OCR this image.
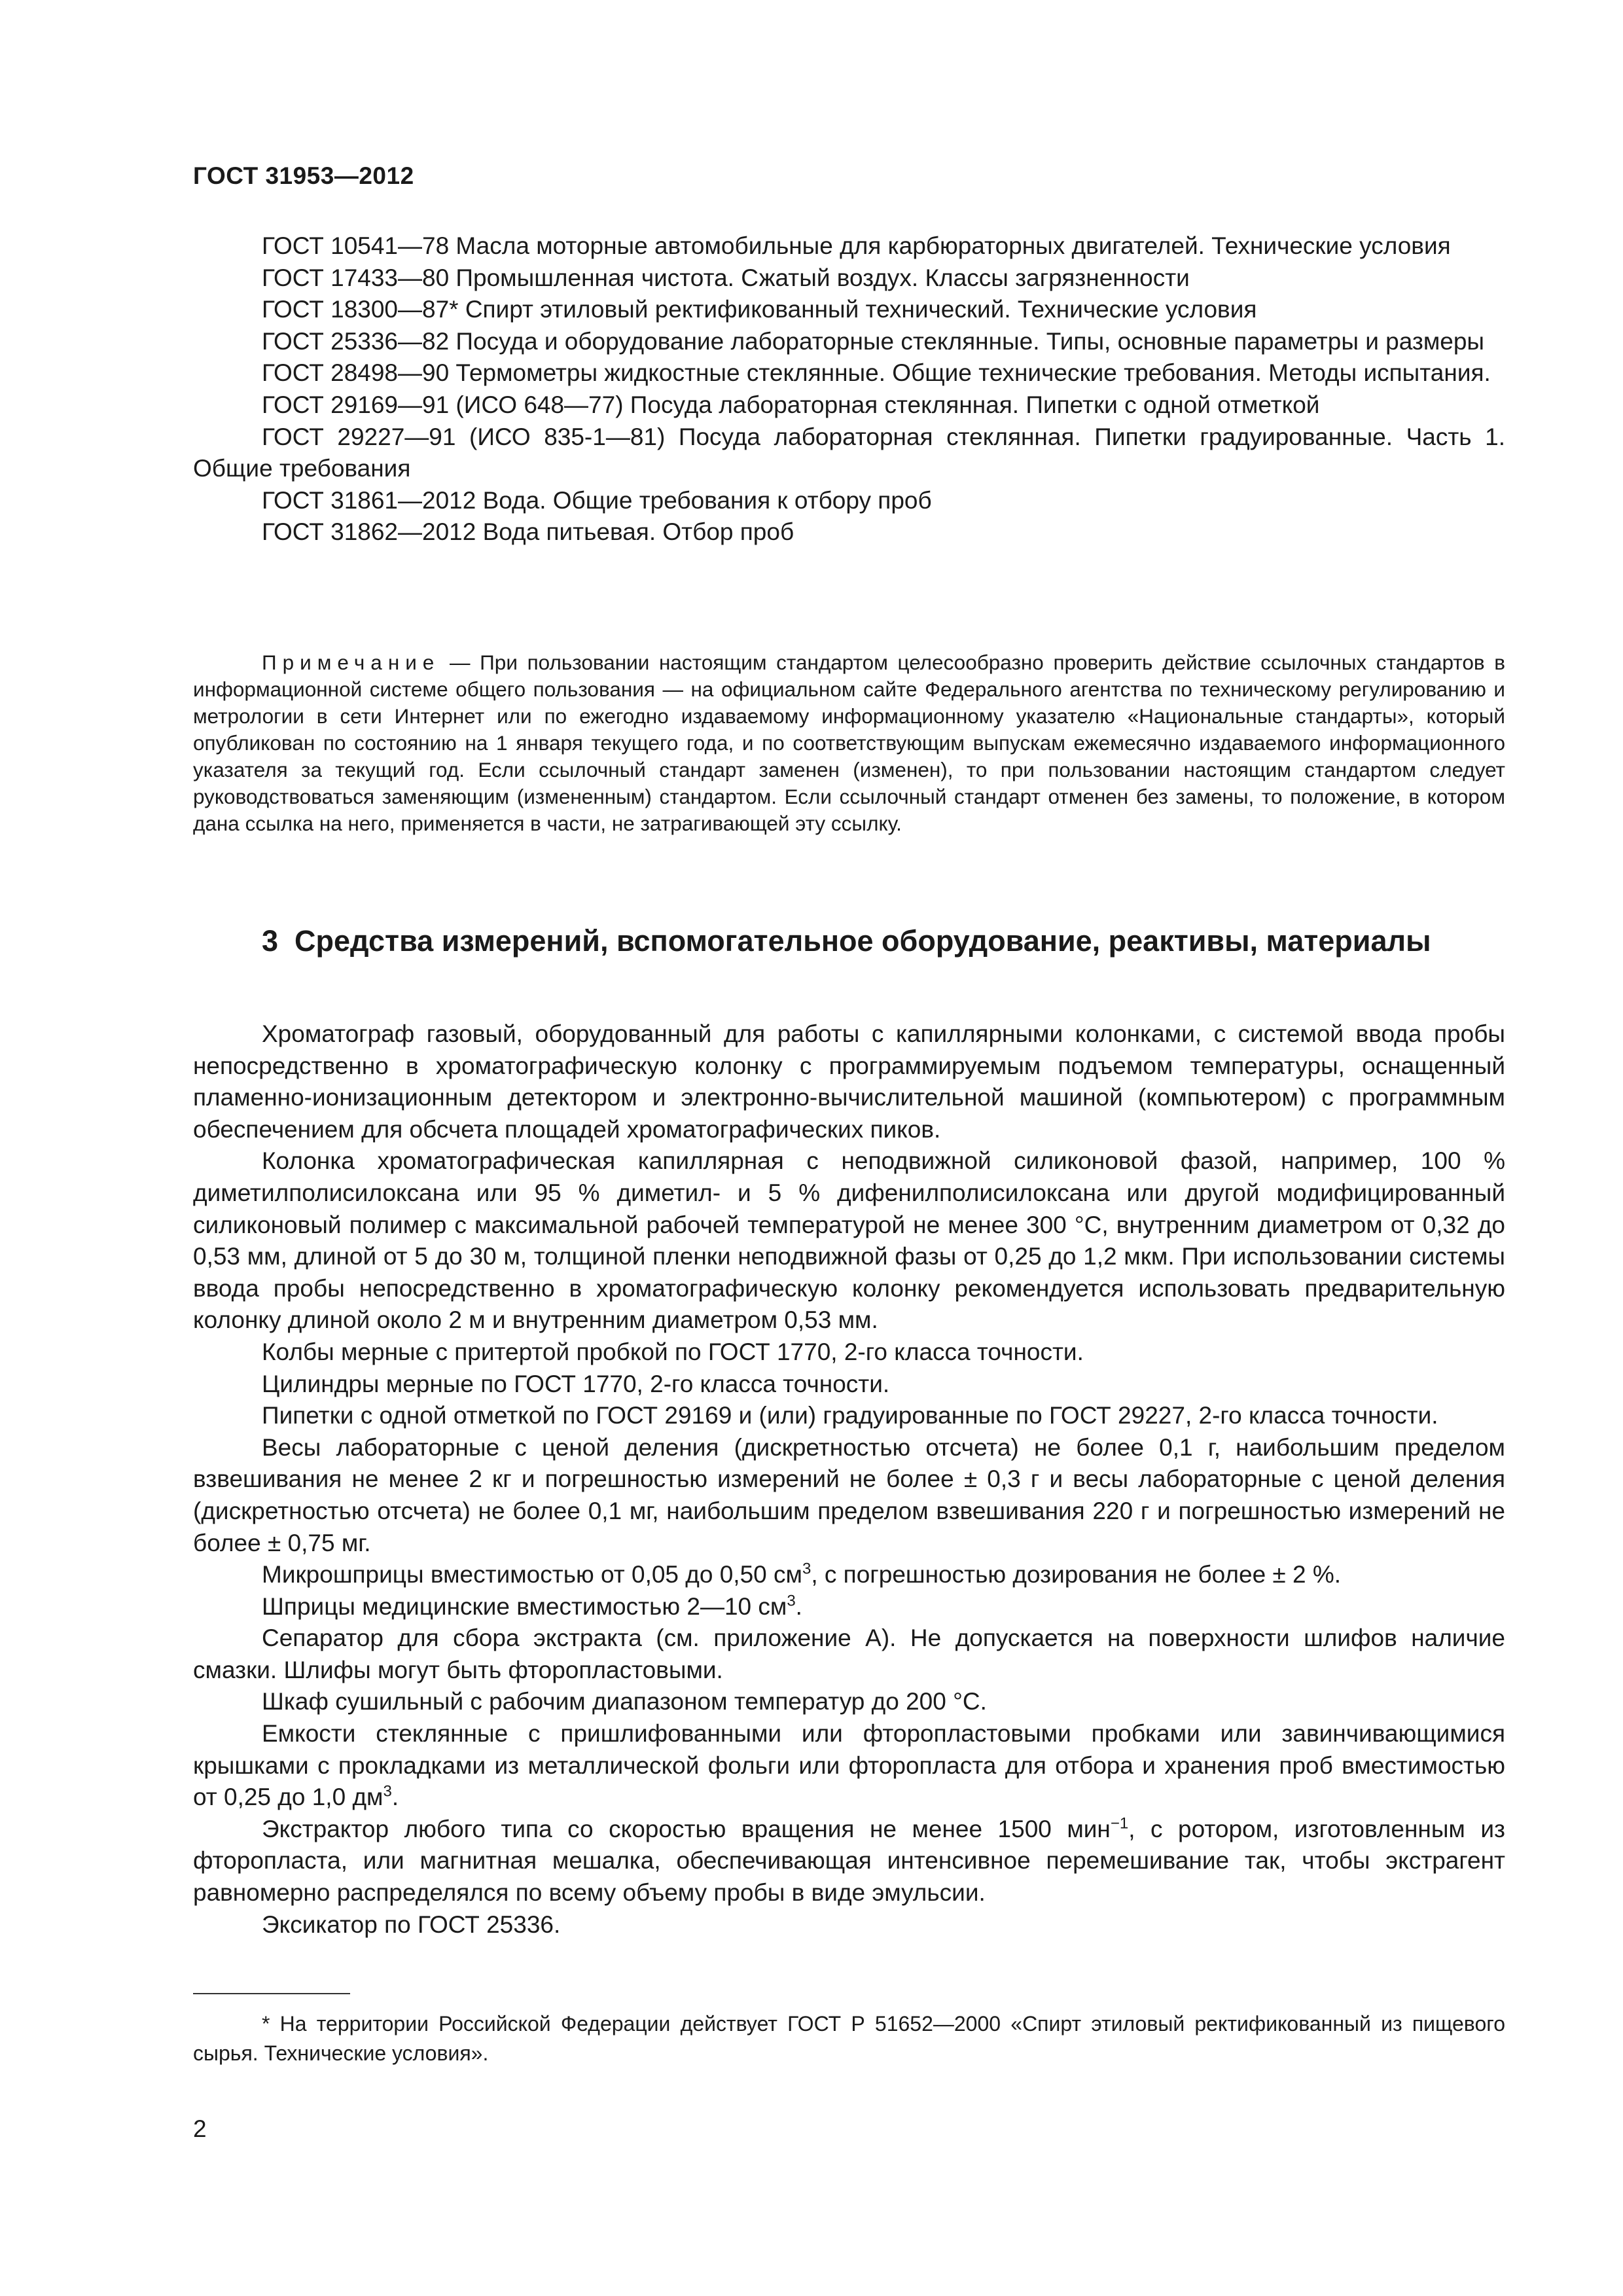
ГОСТ 31953—2012
ГОСТ 10541—78 Масла моторные автомобильные для карбюраторных двигателей. Технические условия
ГОСТ 17433—80 Промышленная чистота. Сжатый воздух. Классы загрязненности
ГОСТ 18300—87* Спирт этиловый ректификованный технический. Технические условия
ГОСТ 25336—82 Посуда и оборудование лабораторные стеклянные. Типы, основные параметры и размеры
ГОСТ 28498—90 Термометры жидкостные стеклянные. Общие технические требования. Методы испытания.
ГОСТ 29169—91 (ИСО 648—77) Посуда лабораторная стеклянная. Пипетки с одной отметкой
ГОСТ 29227—91 (ИСО 835-1—81) Посуда лабораторная стеклянная. Пипетки градуированные. Часть 1. Общие требования
ГОСТ 31861—2012 Вода. Общие требования к отбору проб
ГОСТ 31862—2012 Вода питьевая. Отбор проб
Примечание — При пользовании настоящим стандартом целесообразно проверить действие ссылочных стандартов в информационной системе общего пользования — на официальном сайте Федерального агентства по техническому регулированию и метрологии в сети Интернет или по ежегодно издаваемому информационному указателю «Национальные стандарты», который опубликован по состоянию на 1 января текущего года, и по соответствующим выпускам ежемесячно издаваемого информационного указателя за текущий год. Если ссылочный стандарт заменен (изменен), то при пользовании настоящим стандартом следует руководствоваться заменяющим (измененным) стандартом. Если ссылочный стандарт отменен без замены, то положение, в котором дана ссылка на него, применяется в части, не затрагивающей эту ссылку.
3 Средства измерений, вспомогательное оборудование, реактивы, материалы

Хроматограф газовый, оборудованный для работы с капиллярными колонками, с системой ввода пробы непосредственно в хроматографическую колонку с программируемым подъемом температуры, оснащенный пламенно-ионизационным детектором и электронно-вычислительной машиной (компьютером) с программным обеспечением для обсчета площадей хроматографических пиков.

Колонка хроматографическая капиллярная с неподвижной силиконовой фазой, например, 100 % диметилполисилоксана или 95 % диметил- и 5 % дифенилполисилоксана или другой модифицированный силиконовый полимер с максимальной рабочей температурой не менее 300 °С, внутренним диаметром от 0,32 до 0,53 мм, длиной от 5 до 30 м, толщиной пленки неподвижной фазы от 0,25 до 1,2 мкм. При использовании системы ввода пробы непосредственно в хроматографическую колонку рекомендуется использовать предварительную колонку длиной около 2 м и внутренним диаметром 0,53 мм.

Колбы мерные с притертой пробкой по ГОСТ 1770, 2-го класса точности.

Цилиндры мерные по ГОСТ 1770, 2-го класса точности.

Пипетки с одной отметкой по ГОСТ 29169 и (или) градуированные по ГОСТ 29227, 2-го класса точности.

Весы лабораторные с ценой деления (дискретностью отсчета) не более 0,1 г, наибольшим пределом взвешивания не менее 2 кг и погрешностью измерений не более ± 0,3 г и весы лабораторные с ценой деления (дискретностью отсчета) не более 0,1 мг, наибольшим пределом взвешивания 220 г и погрешностью измерений не более ± 0,75 мг.

Микрошприцы вместимостью от 0,05 до 0,50 $см^3$, с погрешностью дозирования не более ± 2 %.

Шприцы медицинские вместимостью 2—10 $см^3$.

Сепаратор для сбора экстракта (см. приложение А). Не допускается на поверхности шлифов наличие смазки. Шлифы могут быть фторопластовыми.

Шкаф сушильный с рабочим диапазоном температур до 200 °С.

Емкости стеклянные с пришлифованными или фторопластовыми пробками или завинчивающимися крышками с прокладками из металлической фольги или фторопласта для отбора и хранения проб вместимостью от 0,25 до 1,0 $дм^3$.

Экстрактор любого типа со скоростью вращения не менее 1500 мин$^{-1}$, с ротором, изготовленным из фторопласта, или магнитная мешалка, обеспечивающая интенсивное перемешивание так, чтобы экстрагент равномерно распределялся по всему объему пробы в виде эмульсии.

Эксикатор по ГОСТ 25336.

* На территории Российской Федерации действует ГОСТ Р 51652—2000 «Спирт этиловый ректификованный из пищевого сырья. Технические условия».
2
